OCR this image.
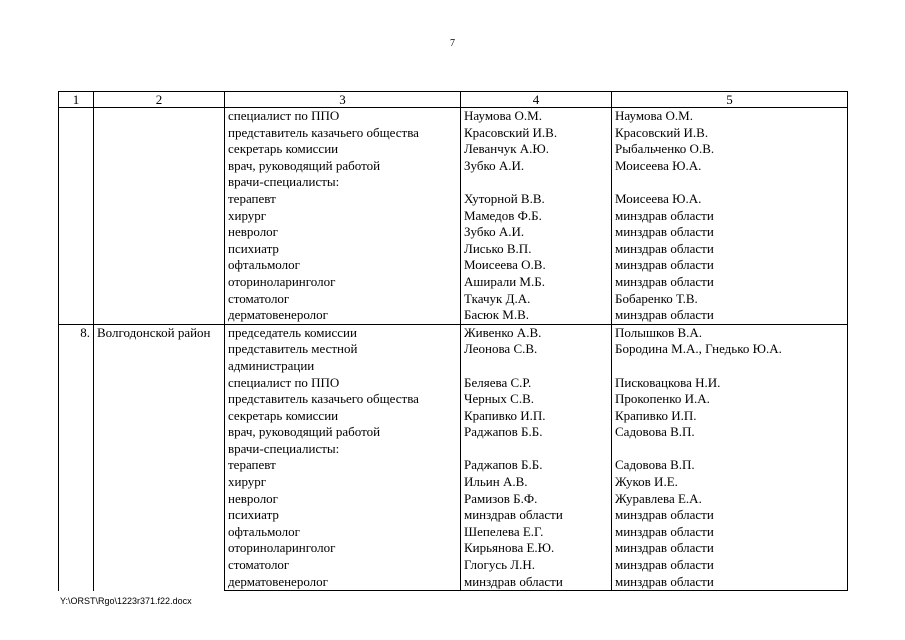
7
1	2	3	4	5
		специалист по ППО	Наумова О.М.	Наумова О.М.
		представитель казачьего общества	Красовский И.В.	Красовский И.В.
		секретарь комиссии	Леванчук А.Ю.	Рыбальченко О.В.
		врач, руководящий работой	Зубко А.И.	Моисеева Ю.А.
		врачи-специалисты:		
		терапевт	Хуторной В.В.	Моисеева Ю.А.
		хирург	Мамедов Ф.Б.	минздрав области
		невролог	Зубко А.И.	минздрав области
		психиатр	Лисько В.П.	минздрав области
		офтальмолог	Моисеева О.В.	минздрав области
		оториноларинголог	Аширали М.Б.	минздрав области
		стоматолог	Ткачук Д.А.	Бобаренко Т.В.
		дерматовенеролог	Басюк М.В.	минздрав области
8.	Волгодонской район	председатель комиссии	Живенко А.В.	Полышков В.А.
		представитель местной	Леонова С.В.	Бородина М.А., Гнедько Ю.А.
		администрации		
		специалист по ППО	Беляева С.Р.	Писковацкова Н.И.
		представитель казачьего общества	Черных С.В.	Прокопенко И.А.
		секретарь комиссии	Крапивко И.П.	Крапивко И.П.
		врач, руководящий работой	Раджапов Б.Б.	Садовова В.П.
		врачи-специалисты:		
		терапевт	Раджапов Б.Б.	Садовова В.П.
		хирург	Ильин А.В.	Жуков И.Е.
		невролог	Рамизов Б.Ф.	Журавлева Е.А.
		психиатр	минздрав области	минздрав области
		офтальмолог	Шепелева Е.Г.	минздрав области
		оториноларинголог	Кирьянова Е.Ю.	минздрав области
		стоматолог	Глогусь Л.Н.	минздрав области
		дерматовенеролог	минздрав области	минздрав области
Y:\ORST\Rgo\1223r371.f22.docx
